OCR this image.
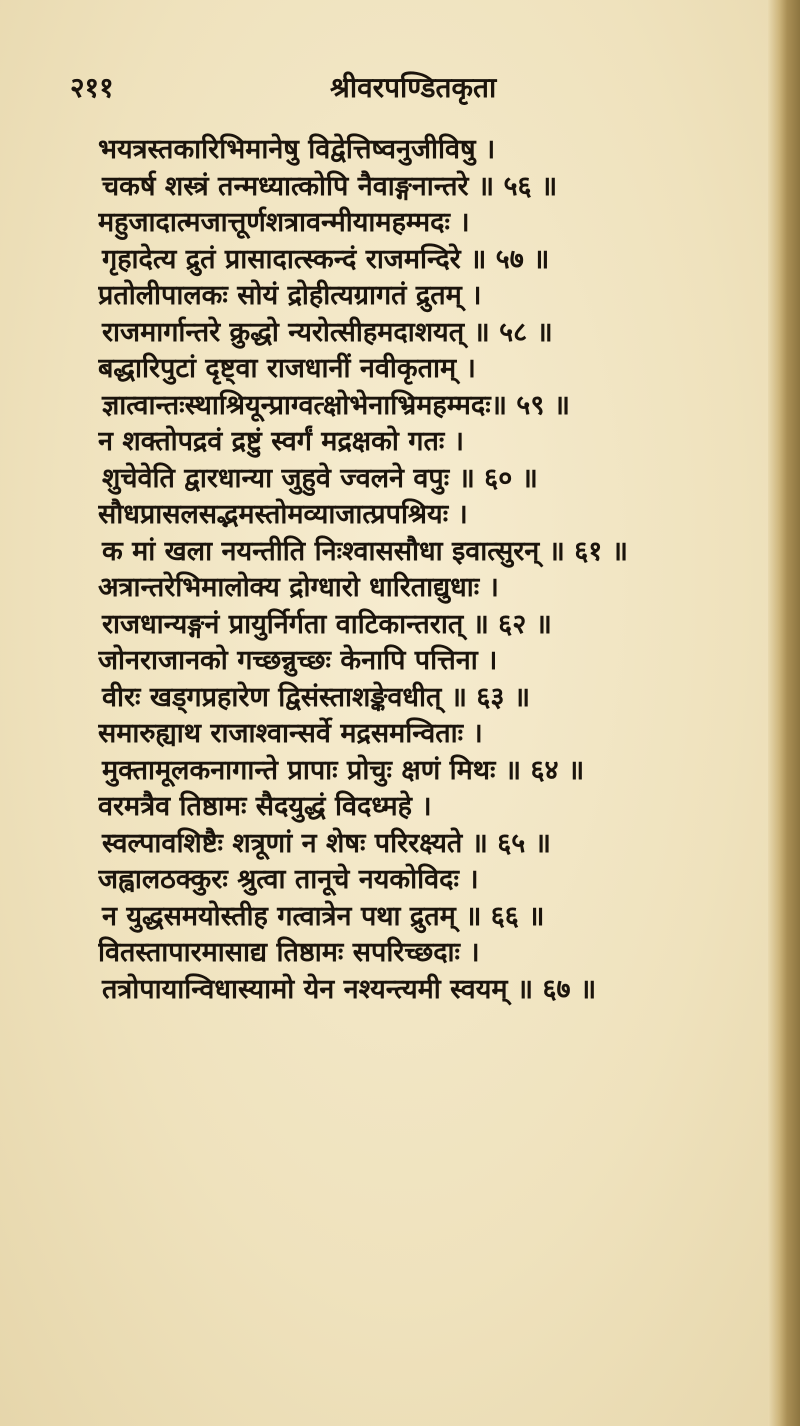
२११	श्रीवरपण्डितकृता
भयत्रस्तकारिभिमानेषु विद्वेत्तिष्वनुजीविषु ।
चकर्ष शस्त्रं तन्मध्यात्कोपि नैवाङ्गनान्तरे ॥ ५६ ॥
महुजादात्मजात्तूर्णशत्रावन्मीयामहम्मदः ।
गृहादेत्य द्रुतं प्रासादात्स्कन्दं राजमन्दिरे ॥ ५७ ॥
प्रतोलीपालकः सोयं द्रोहीत्यग्रागतं द्रुतम् ।
राजमार्गान्तरे क्रुद्धो न्यरोत्सीहमदाशयत् ॥ ५८ ॥
बद्धारिपुटां दृष्ट्वा राजधानीं नवीकृताम् ।
ज्ञात्वान्तःस्थाश्रियून्प्राग्वत्क्षोभेनाभ्रिमहम्मदः॥ ५९ ॥
न शक्तोपद्रवं द्रष्टुं स्वर्गं मद्रक्षको गतः ।
शुचेवेति द्वारधान्या जुहुवे ज्वलने वपुः ॥ ६० ॥
सौधप्रासलसद्भमस्तोमव्याजात्प्रपश्रियः ।
क मां खला नयन्तीति निःश्वाससौधा इवात्सुरन् ॥ ६१ ॥
अत्रान्तरेभिमालोक्य द्रोग्धारो धारिताद्युधाः ।
राजधान्यङ्गनं प्रायुर्निर्गता वाटिकान्तरात् ॥ ६२ ॥
जोनराजानको गच्छन्नुच्छः केनापि पत्तिना ।
वीरः खड्गप्रहारेण द्विसंस्ताशङ्केवधीत् ॥ ६३ ॥
समारुह्याथ राजाश्वान्सर्वे मद्रसमन्विताः ।
मुक्तामूलकनागान्ते प्रापाः प्रोचुः क्षणं मिथः ॥ ६४ ॥
वरमत्रैव तिष्ठामः सैदयुद्धं विदध्महे ।
स्वल्पावशिष्टैः शत्रूणां न शेषः परिरक्ष्यते ॥ ६५ ॥
जह्वालठक्कुरः श्रुत्वा तानूचे नयकोविदः ।
न युद्धसमयोस्तीह गत्वात्रेन पथा द्रुतम् ॥ ६६ ॥
वितस्तापारमासाद्य तिष्ठामः सपरिच्छदाः ।
तत्रोपायान्विधास्यामो येन नश्यन्त्यमी स्वयम् ॥ ६७ ॥
